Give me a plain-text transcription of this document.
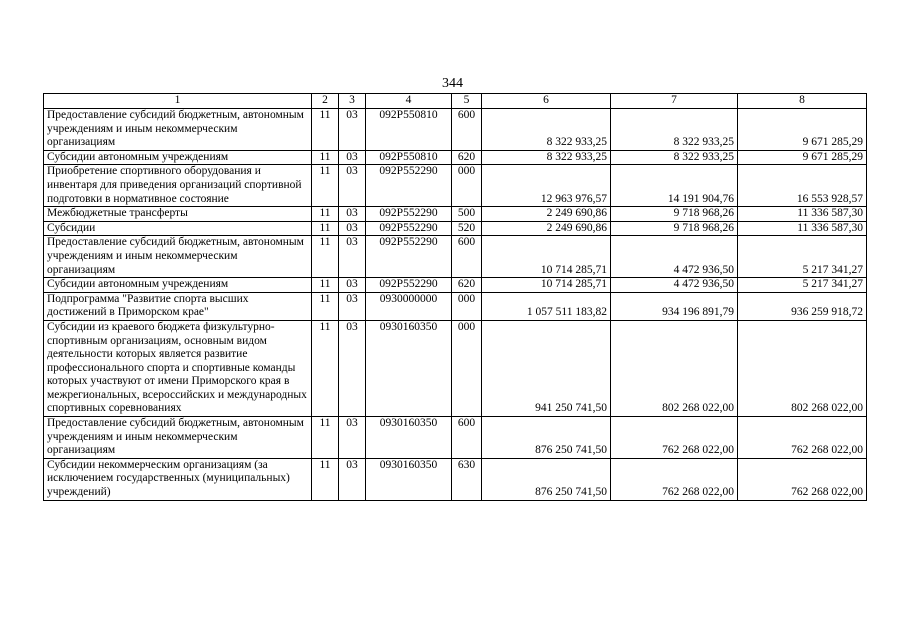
344
1	2	3	4	5	6	7	8
Предоставление субсидий бюджетным, автономным учреждениям и иным некоммерческим организациям	11	03	092P550810	600	8 322 933,25	8 322 933,25	9 671 285,29
Субсидии автономным учреждениям	11	03	092P550810	620	8 322 933,25	8 322 933,25	9 671 285,29
Приобретение спортивного оборудования и инвентаря для приведения организаций спортивной подготовки в нормативное состояние	11	03	092P552290	000	12 963 976,57	14 191 904,76	16 553 928,57
Межбюджетные трансферты	11	03	092P552290	500	2 249 690,86	9 718 968,26	11 336 587,30
Субсидии	11	03	092P552290	520	2 249 690,86	9 718 968,26	11 336 587,30
Предоставление субсидий бюджетным, автономным учреждениям и иным некоммерческим организациям	11	03	092P552290	600	10 714 285,71	4 472 936,50	5 217 341,27
Субсидии автономным учреждениям	11	03	092P552290	620	10 714 285,71	4 472 936,50	5 217 341,27
Подпрограмма "Развитие спорта высших достижений в Приморском крае"	11	03	0930000000	000	1 057 511 183,82	934 196 891,79	936 259 918,72
Субсидии из краевого бюджета физкультурно-спортивным организациям, основным видом деятельности которых является развитие профессионального спорта и спортивные команды которых участвуют от имени Приморского края в межрегиональных, всероссийских и международных спортивных соревнованиях	11	03	0930160350	000	941 250 741,50	802 268 022,00	802 268 022,00
Предоставление субсидий бюджетным, автономным учреждениям и иным некоммерческим организациям	11	03	0930160350	600	876 250 741,50	762 268 022,00	762 268 022,00
Субсидии некоммерческим организациям (за исключением государственных (муниципальных) учреждений)	11	03	0930160350	630	876 250 741,50	762 268 022,00	762 268 022,00
